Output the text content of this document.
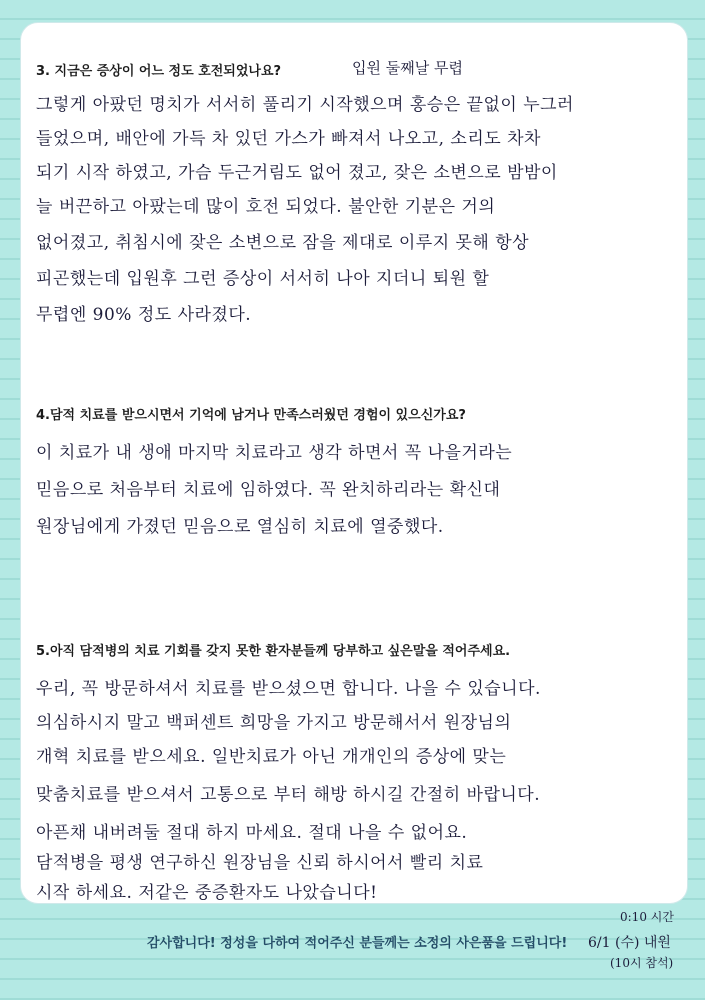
3. 지금은 증상이 어느 정도 호전되었나요?	입원 둘째날 무렵
그렇게 아팠던 명치가 서서히 풀리기 시작했으며 홍승은 끝없이 누그러
들었으며, 배안에 가득 차 있던 가스가 빠져서 나오고, 소리도 차차
되기 시작 하였고, 가슴 두근거림도 없어 졌고, 잦은 소변으로 밤밤이
늘 버끈하고 아팠는데 많이 호전 되었다. 불안한 기분은 거의
없어졌고, 취침시에 잦은 소변으로 잠을 제대로 이루지 못해 항상
피곤했는데 입원후 그런 증상이 서서히 나아 지더니 퇴원 할
무렵엔 90% 정도 사라졌다.
4.담적 치료를 받으시면서 기억에 남거나 만족스러웠던 경험이 있으신가요?
이 치료가 내 생애 마지막 치료라고 생각 하면서 꼭 나을거라는
믿음으로 처음부터 치료에 임하였다. 꼭 완치하리라는 확신대
원장님에게 가졌던 믿음으로 열심히 치료에 열중했다.
5.아직 담적병의 치료 기회를 갖지 못한 환자분들께 당부하고 싶은말을 적어주세요.
우리, 꼭 방문하셔서 치료를 받으셨으면 합니다. 나을 수 있습니다.
의심하시지 말고 백퍼센트 희망을 가지고 방문해서서 원장님의
개혁 치료를 받으세요. 일반치료가 아닌 개개인의 증상에 맞는
맞춤치료를 받으셔서 고통으로 부터 해방 하시길 간절히 바랍니다.
아픈채 내버려둘 절대 하지 마세요. 절대 나을 수 없어요.
담적병을 평생 연구하신 원장님을 신뢰 하시어서 빨리 치료
시작 하세요. 저같은 중증환자도 나았습니다!
감사합니다! 정성을 다하여 적어주신 분들께는 소정의 사은품을 드립니다!
0:10 시간
6/1 (수) 내원
(10시 참석)
